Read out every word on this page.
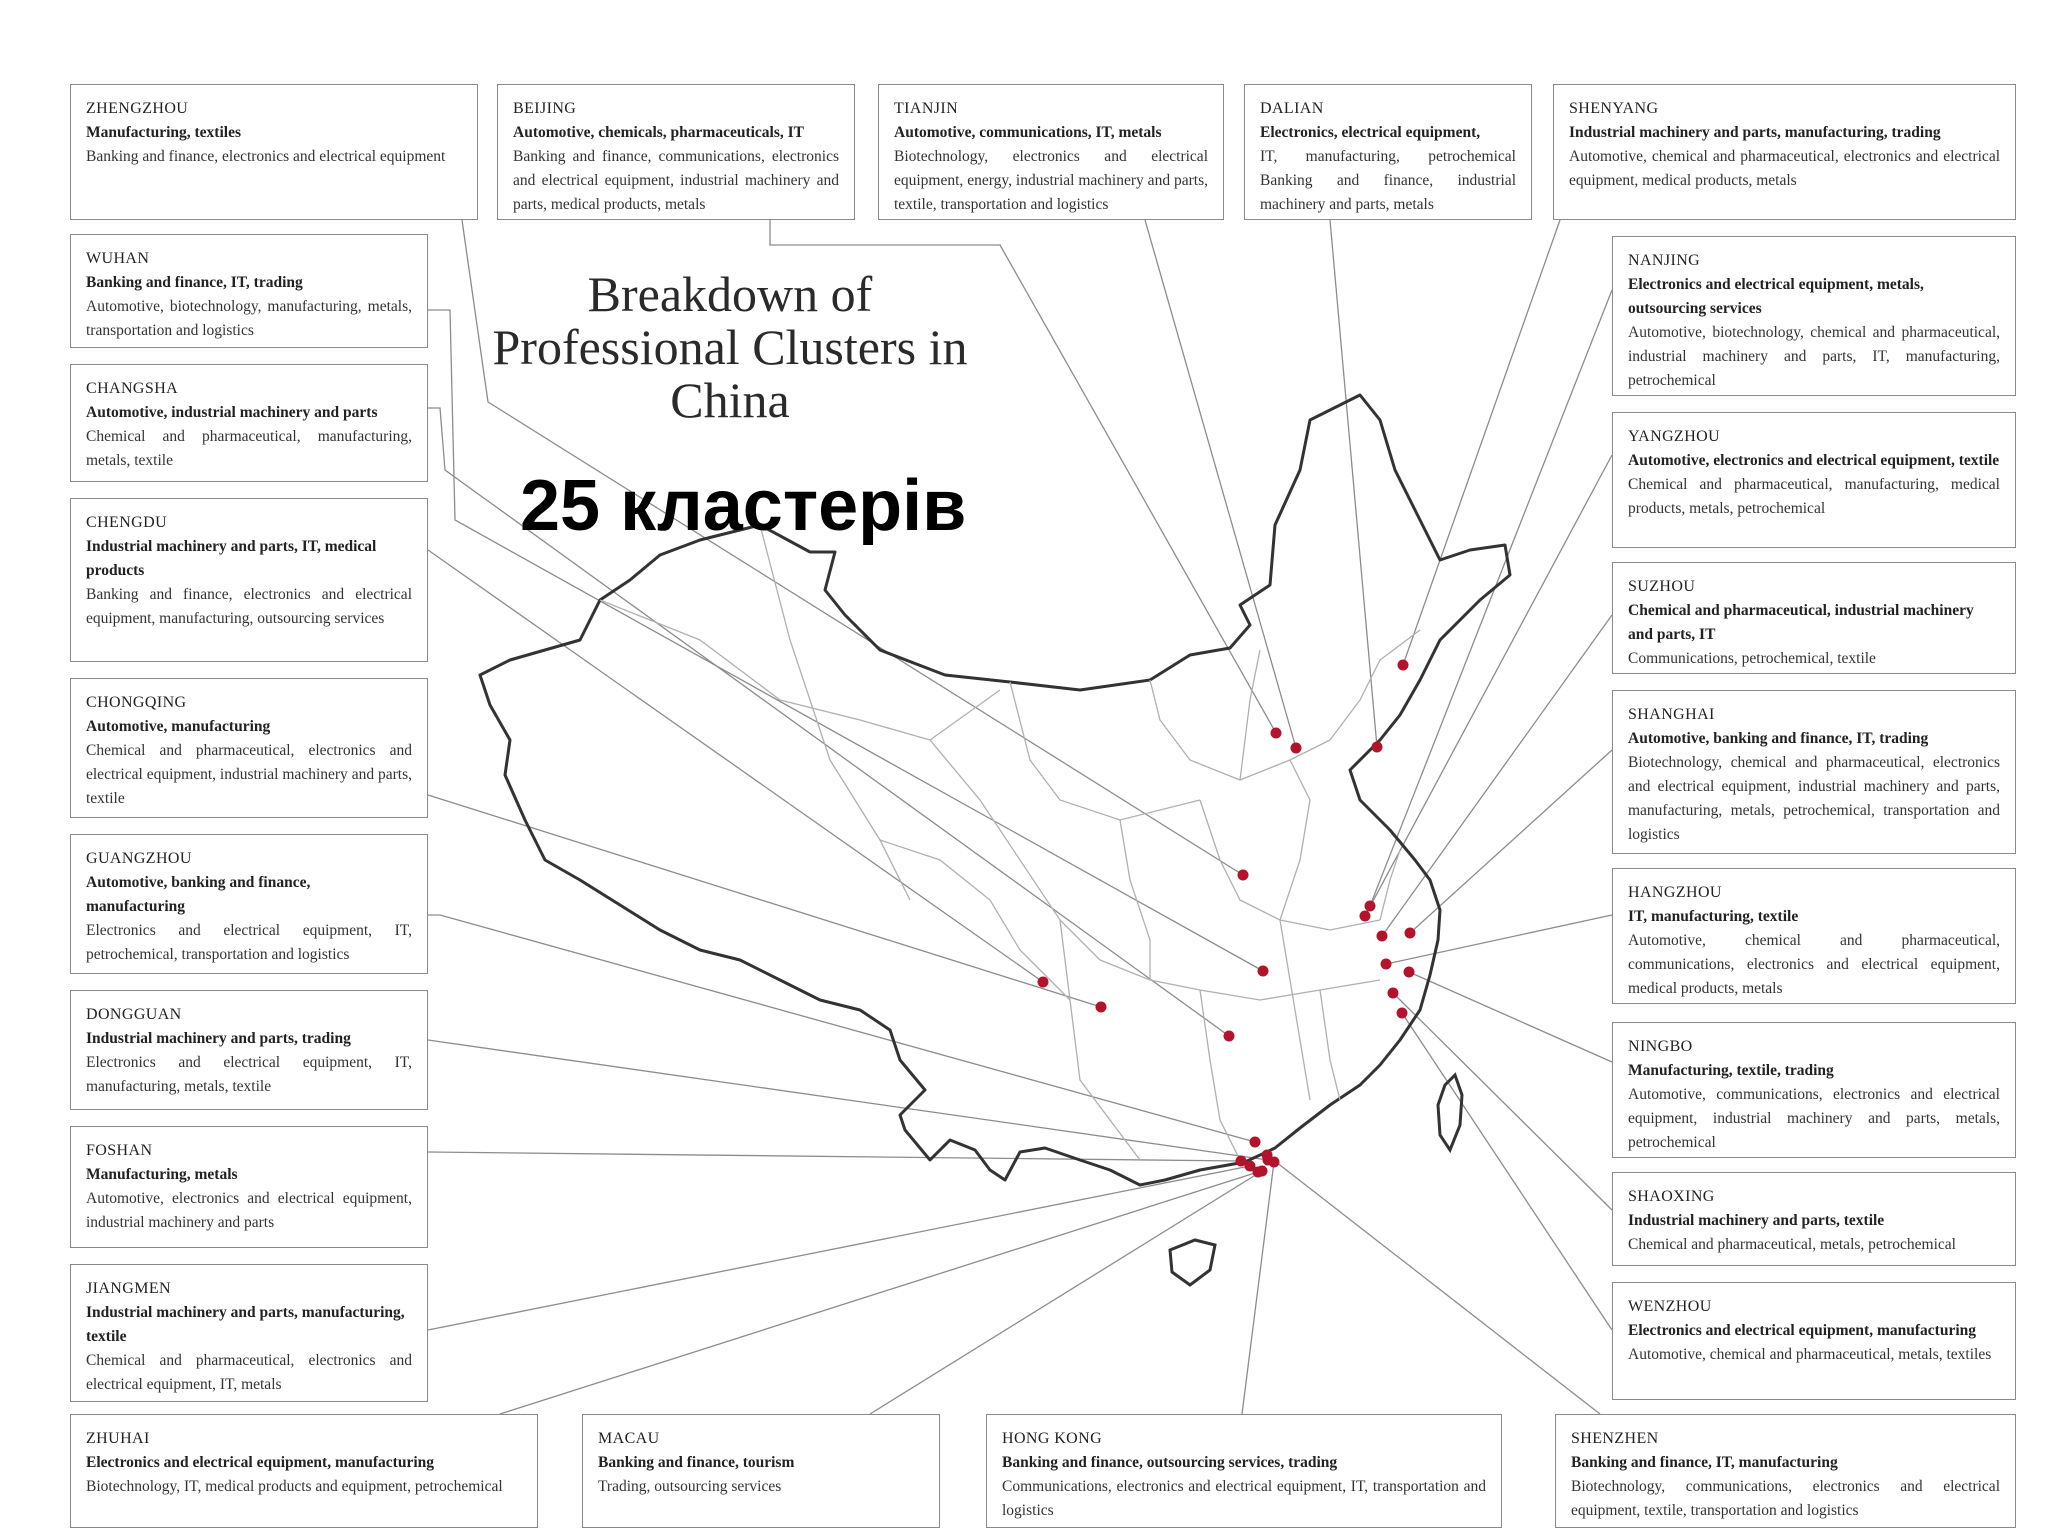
Breakdown of Professional Clusters in China
25 кластерів
ZHENGZHOU
Manufacturing, textiles
Banking and finance, electronics and electrical equipment
BEIJING
Automotive, chemicals, pharmaceuticals, IT
Banking and finance, communications, electronics and electrical equipment, industrial machinery and parts, medical products, metals
TIANJIN
Automotive, communications, IT, metals
Biotechnology, electronics and electrical equipment, energy, industrial machinery and parts, textile, transportation and logistics
DALIAN
Electronics, electrical equipment,
IT, manufacturing, petrochemical Banking and finance, industrial machinery and parts, metals
SHENYANG
Industrial machinery and parts, manufacturing, trading
Automotive, chemical and pharmaceutical, electronics and electrical equipment, medical products, metals
WUHAN
Banking and finance, IT, trading
Automotive, biotechnology, manufacturing, metals, transportation and logistics
CHANGSHA
Automotive, industrial machinery and parts
Chemical and pharmaceutical, manufacturing, metals, textile
CHENGDU
Industrial machinery and parts, IT, medical products
Banking and finance, electronics and electrical equipment, manufacturing, outsourcing services
CHONGQING
Automotive, manufacturing
Chemical and pharmaceutical, electronics and electrical equipment, industrial machinery and parts, textile
GUANGZHOU
Automotive, banking and finance, manufacturing
Electronics and electrical equipment, IT, petrochemical, transportation and logistics
DONGGUAN
Industrial machinery and parts, trading
Electronics and electrical equipment, IT, manufacturing, metals, textile
FOSHAN
Manufacturing, metals
Automotive, electronics and electrical equipment, industrial machinery and parts
JIANGMEN
Industrial machinery and parts, manufacturing, textile
Chemical and pharmaceutical, electronics and electrical equipment, IT, metals
ZHUHAI
Electronics and electrical equipment, manufacturing
Biotechnology, IT, medical products and equipment, petrochemical
MACAU
Banking and finance, tourism
Trading, outsourcing services
HONG KONG
Banking and finance, outsourcing services, trading
Communications, electronics and electrical equipment, IT, transportation and logistics
SHENZHEN
Banking and finance, IT, manufacturing
Biotechnology, communications, electronics and electrical equipment, textile, transportation and logistics
NANJING
Electronics and electrical equipment, metals, outsourcing services
Automotive, biotechnology, chemical and pharmaceutical, industrial machinery and parts, IT, manufacturing, petrochemical
YANGZHOU
Automotive, electronics and electrical equipment, textile
Chemical and pharmaceutical, manufacturing, medical products, metals, petrochemical
SUZHOU
Chemical and pharmaceutical, industrial machinery and parts, IT
Communications, petrochemical, textile
SHANGHAI
Automotive, banking and finance, IT, trading
Biotechnology, chemical and pharmaceutical, electronics and electrical equipment, industrial machinery and parts, manufacturing, metals, petrochemical, transportation and logistics
HANGZHOU
IT, manufacturing, textile
Automotive, chemical and pharmaceutical, communications, electronics and electrical equipment, medical products, metals
NINGBO
Manufacturing, textile, trading
Automotive, communications, electronics and electrical equipment, industrial machinery and parts, metals, petrochemical
SHAOXING
Industrial machinery and parts, textile
Chemical and pharmaceutical, metals, petrochemical
WENZHOU
Electronics and electrical equipment, manufacturing
Automotive, chemical and pharmaceutical, metals, textiles
